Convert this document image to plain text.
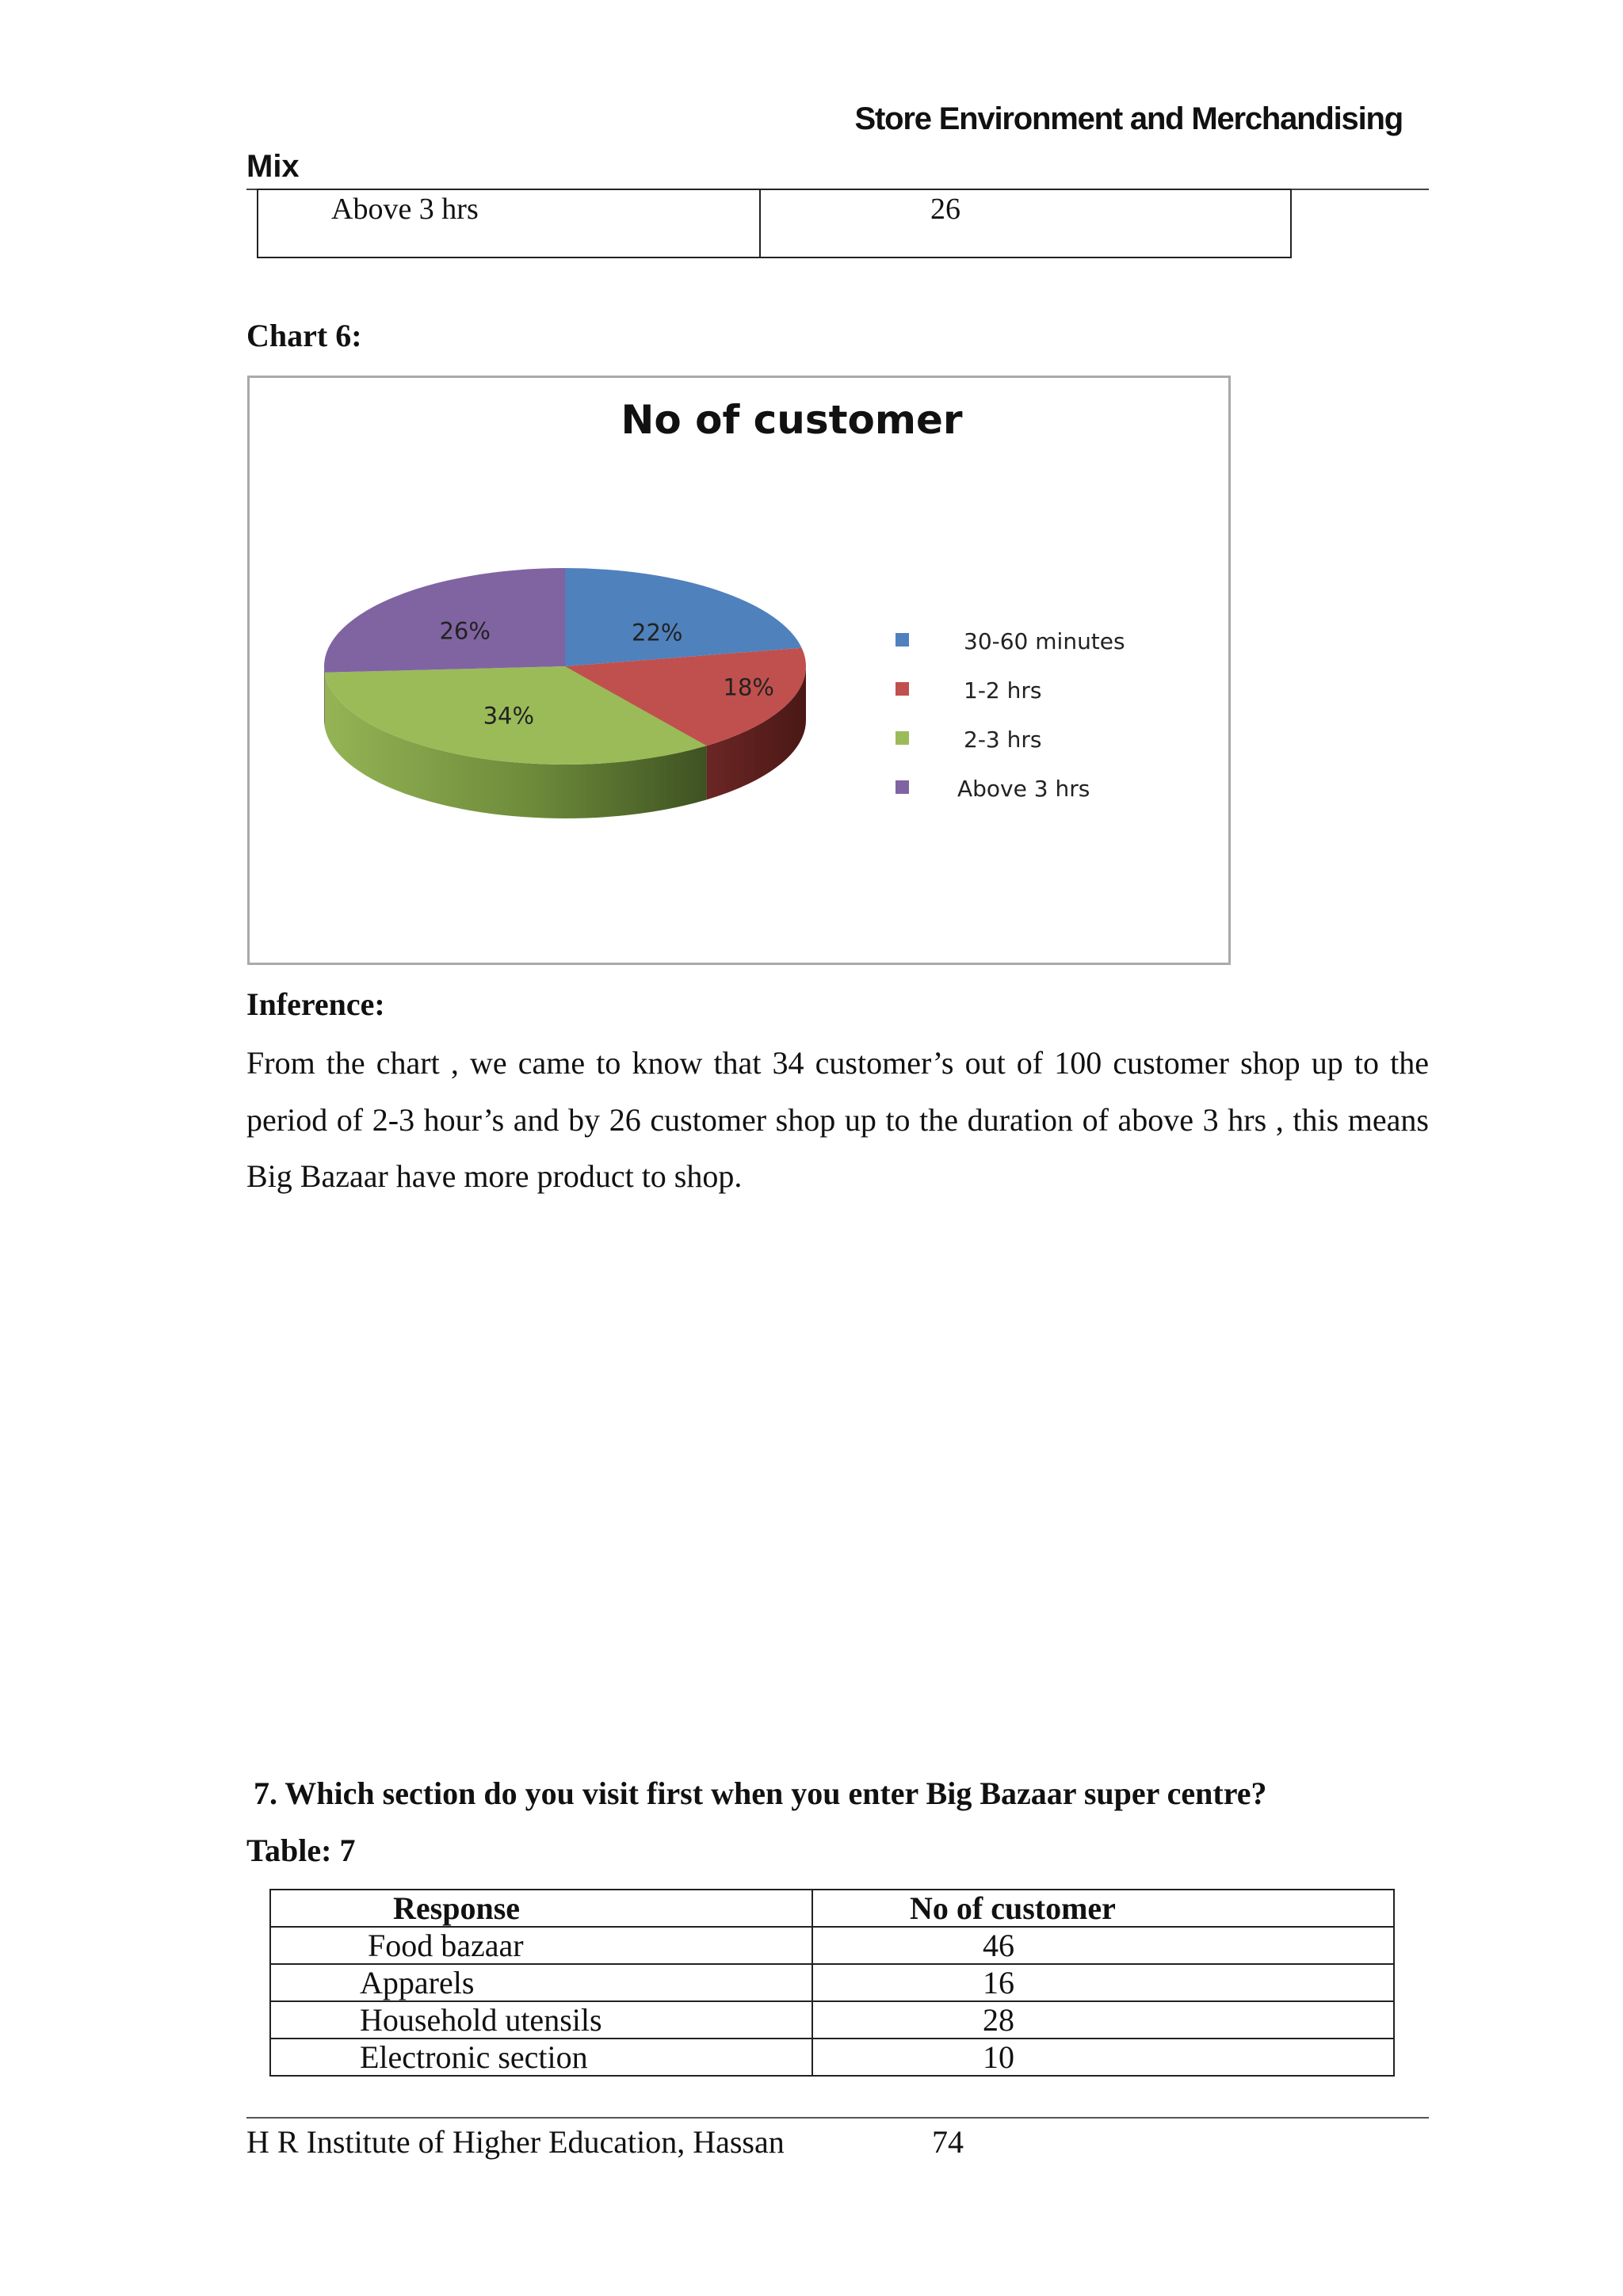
Store Environment and Merchandising
Mix
Above 3 hrs	26
Chart 6:
No of customer
22%
18%
34%
26%	30-60 minutes
1-2 hrs
2-3 hrs
Above 3 hrs
Inference:
From the chart , we came to know that 34 customer’s out of 100 customer shop up to the period of 2-3 hour’s and by 26 customer shop up to the duration of above 3 hrs , this means Big Bazaar have more product to shop.
7. Which section do you visit first when you enter Big Bazaar super centre?
Table: 7
Response	No of customer
Food bazaar	46
Apparels	16
Household utensils	28
Electronic section	10
H R Institute of Higher Education, Hassan	74
